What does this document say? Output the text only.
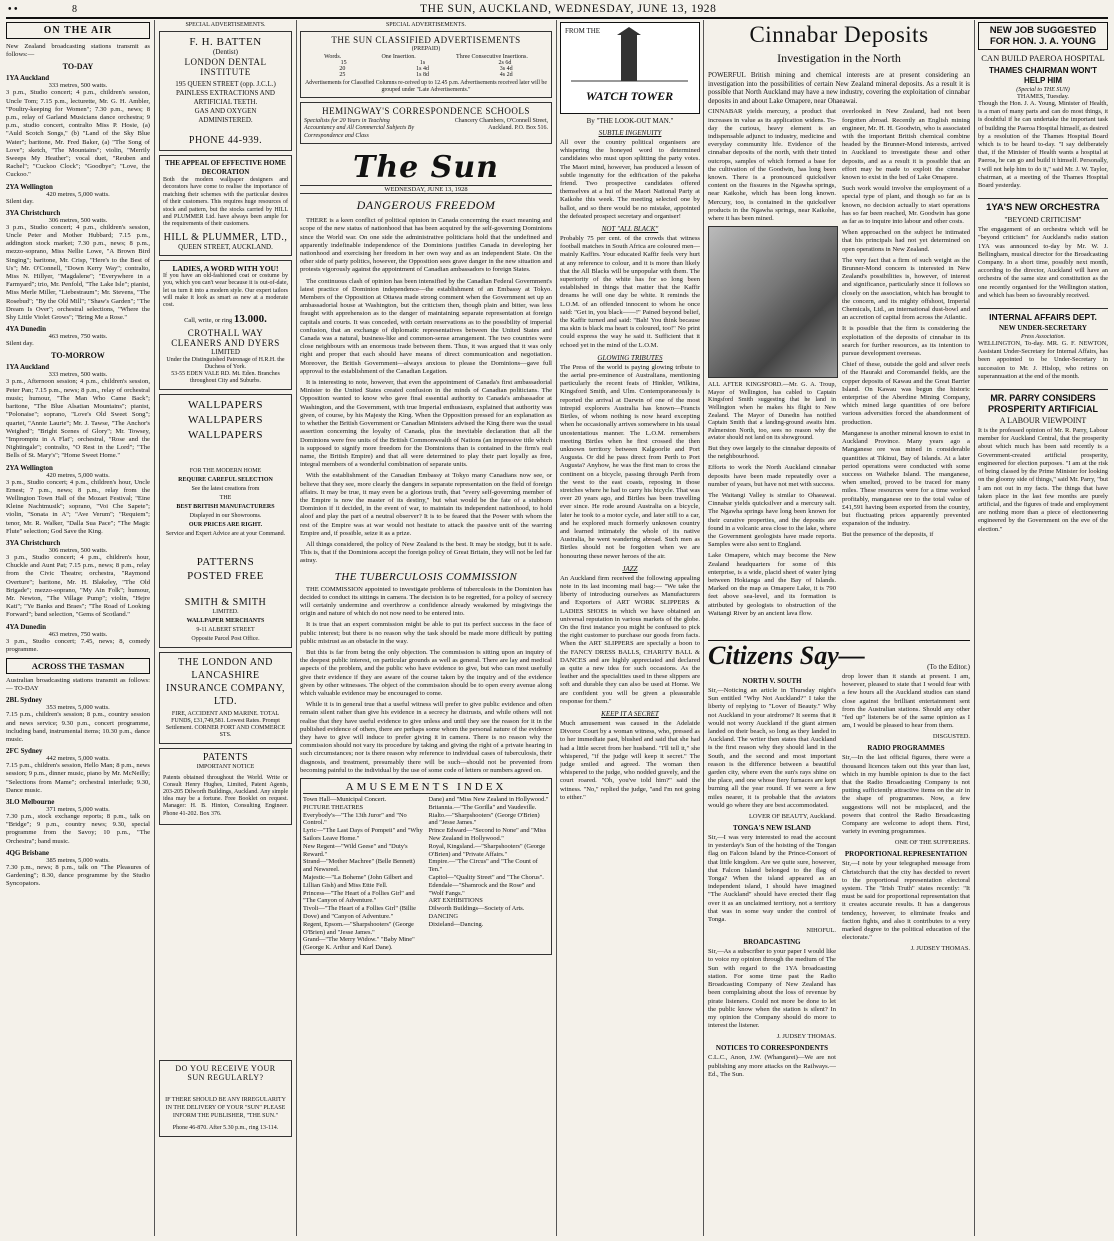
• •	8	THE SUN, AUCKLAND, WEDNESDAY, JUNE 13, 1928
ON THE AIR

New Zealand broadcasting stations transmit as follows:—

TO-DAY
1YA Auckland
333 metres, 500 watts.

3 p.m., Studio concert; 4 p.m., children's session, Uncle Tom; 7.15 p.m., lecturette, Mr. G. H. Ambler, "Poultry-keeping for Women"; 7.30 p.m., news; 8 p.m., relay of Garland Musicians dance orchestra; 9 p.m., studio concert, contralto Miss P. Hosie, (a) "Auld Scotch Songs," (b) "Land of the Sky Blue Water"; baritone, Mr. Fred Baker, (a) "The Song of Love"; sketch, "The Mountains"; violin, "Merrily Sweeps My Heather"; vocal duet, "Reuben and Rachel"; "Cuckoo Clock"; "Goodbye"; "Love, the Cuckoo."

2YA Wellington
420 metres, 5,000 watts.

Silent day.

3YA Christchurch
306 metres, 500 watts.

3 p.m., Studio concert; 4 p.m., children's session, Uncle Peter and Mother Hubbard; 7.15 p.m., addington stock market; 7.30 p.m., news; 8 p.m., mezzo-soprano, Miss Nellie Lowe, "A Brown Bird Singing"; baritone, Mr. Crisp, "Here's to the Best of Us"; Mr. O'Connell, "Down Kerry Way"; contralto, Miss N. Hillyer, "Magdalene"; "Everywhere in a Farmyard"; trio, Mr. Penfold, "The Lake Isle"; pianist, Miss Merle Miller, "Liebestraum"; Mr. Stevens, "The Rosebud"; "By the Old Mill"; "Shaw's Garden"; "The Dream Is Over"; orchestral selections, "Where the Shy Little Violet Grows"; "Bring Me a Rose."

4YA Dunedin
463 metres, 750 watts.

Silent day.

TO-MORROW
1YA Auckland
333 metres, 500 watts.

3 p.m., Afternoon session; 4 p.m., children's session, Peter Pan; 7.15 p.m., news; 8 p.m., relay of orchestral music; humour, "The Man Who Came Back"; baritone, "The Blue Alsatian Mountains"; pianist, "Polonaise"; soprano, "Love's Old Sweet Song"; quartet, "Annie Laurie"; Mr. J. Tawse, "The Anchor's Weighed"; "Bright Scenes of Glory"; Mr. Towsey, "Impromptu in A Flat"; orchestral, "Rose and the Nightingale"; contralto, "O Rest in the Lord"; "The Bells of St. Mary's"; "Home Sweet Home."

2YA Wellington
420 metres, 5,000 watts.

3 p.m., Studio concert; 4 p.m., children's hour, Uncle Ernest; 7 p.m., news; 8 p.m., relay from the Wellington Town Hall of the Mozart Festival; "Eine Kleine Nachtmusik"; soprano, "Voi Che Sapete"; violin, "Sonata in A"; "Ave Verum"; "Requiem"; tenor, Mr. R. Walker, "Dalla Sua Pace"; "The Magic Flute" selection; God Save the King.

3YA Christchurch
306 metres, 500 watts.

3 p.m., Studio concert; 4 p.m., children's hour, Chuckle and Aunt Pat; 7.15 p.m., news; 8 p.m., relay from the Civic Theatre; orchestra, "Raymond Overture"; baritone, Mr. H. Blakeley, "The Old Brigade"; mezzo-soprano, "My Ain Folk"; humour, Mr. Newton, "The Village Pump"; violin, "Hejre Kati"; "Ye Banks and Braes"; "The Road of Looking Forward"; band selection, "Gems of Scotland."

4YA Dunedin
463 metres, 750 watts.

3 p.m., Studio concert; 7.45, news; 8, comedy programme.

ACROSS THE TASMAN

Australian broadcasting stations transmit as follows:— TO-DAY

2BL Sydney
353 metres, 5,000 watts.

7.15 p.m., children's session; 8 p.m., country session and news service; 9.30 p.m., concert programme, including band, instrumental items; 10.30 p.m., dance music.

2FC Sydney
442 metres, 5,000 watts.

7.15 p.m., children's session, Hello Man; 8 p.m., news session; 9 p.m., dinner music, piano by Mr. McNeilly; "Selections from Mame"; orchestral interlude; 9.30, Dance music.

3LO Melbourne
371 metres, 5,000 watts.

7.30 p.m., stock exchange reports; 8 p.m., talk on "Bridge"; 9 p.m., country news; 9.30, special programme from the Savoy; 10 p.m., "The Orchestra"; band music.

4QG Brisbane
385 metres, 5,000 watts.

7.30 p.m., news; 8 p.m., talk on "The Pleasures of Gardening"; 8.30, dance programme by the Studio Syncopators.

SPECIAL ADVERTISEMENTS.
F. H. BATTEN
(Dentist)
LONDON DENTAL INSTITUTE
195 QUEEN STREET (opp. J.C.L.)
PAINLESS EXTRACTIONS AND
ARTIFICIAL TEETH.
GAS AND OXYGEN
ADMINISTERED.
PHONE 44-939.
THE APPEAL OF EFFECTIVE HOME DECORATION

Both the modern wallpaper designers and decorators have come to realise the importance of matching their schemes with the particular desires of their customers. This requires huge resources of stock and pattern, but the stocks carried by HILL and PLUMMER Ltd. have always been ample for the requirements of their customers.

HILL & PLUMMER, LTD.,
QUEEN STREET, AUCKLAND.
LADIES, A WORD WITH YOU!

If you have an old-fashioned coat or costume by you, which you can't wear because it is out-of-date, let us turn it into a modern style. Our expert tailors will make it look as smart as new at a moderate cost.

Call, write, or ring 13.000.
CROTHALL WAY CLEANERS AND DYERS
LIMITED
Under the Distinguished Patronage of H.R.H. the Duchess of York.
53-55 EDEN VALE RD. Mt. Eden. Branches throughout City and Suburbs.
WALLPAPERS
WALLPAPERS
WALLPAPERS
FOR THE MODERN HOME
REQUIRE CAREFUL SELECTION
See the latest creations from
THE
BEST BRITISH MANUFACTURERS
Displayed in our Showrooms.
OUR PRICES ARE RIGHT.
Service and Expert Advice are at your Command.
PATTERNS
POSTED FREE
SMITH & SMITH
LIMITED.
WALLPAPER MERCHANTS
9-11 ALBERT STREET
Opposite Parcel Post Office.
THE LONDON AND LANCASHIRE INSURANCE COMPANY, LTD.
FIRE, ACCIDENT AND MARINE. TOTAL FUNDS, £31,749,581. Lowest Rates. Prompt Settlement. CORNER FORT AND COMMERCE STS.
PATENTS
IMPORTANT NOTICE

Patents obtained throughout the World. Write or Consult Henry Hughes, Limited, Patent Agents, 203-205 Dilworth Buildings, Auckland. Any simple idea may be a fortune. Free Booklet on request. Manager: H. B. Hinton, Consulting Engineer. Phone 41-202. Box 376.

SPECIAL ADVERTISEMENTS.
THE SUN CLASSIFIED ADVERTISEMENTS
(PREPAID)
Words.	One Insertion.	Three Consecutive Insertions.
15	1s	2s 6d
20	1s 4d	3s 4d
25	1s 8d	4s 2d
Advertisements for Classified Columns re-ceived up to 12.45 p.m. Advertisements received later will be grouped under "Late Advertisements."
HEMINGWAY'S CORRESPONDENCE SCHOOLS
Specialists for 20 Years in Teaching Accountancy and All Commercial Subjects By Correspondence and Class
Chancery Chambers, O'Connell Street, Auckland. P.O. Box 516.
The Sun
WEDNESDAY, JUNE 13, 1928
DANGEROUS FREEDOM

THERE is a keen conflict of political opinion in Canada concerning the exact meaning and scope of the new status of nationhood that has been acquired by the self-governing Dominions since the World war. On one side the administrative politicians hold that the undefined and apparently indefinable independence of the Dominions justifies Canada in developing her nationhood and exercising her freedom in her own way and as an independent State. On the other side of party politics, however, the Opposition sees grave danger in the new situation and protests vigorously against the appointment of Canadian ambassadors to foreign States.

The continuous clash of opinion has been intensified by the Canadian Federal Government's latest practice of Dominion independence—the establishment of an Embassy at Tokyo. Members of the Opposition at Ottawa made strong comment when the Government set up an ambassadorial house at Washington, but the criticism then, though plain and bitter, was less fraught with apprehension as to the danger of maintaining separate representation at foreign capitals and courts. It was conceded, with certain reservations as to the possibility of imperial confusion, that an exchange of diplomatic representatives between the United States and Canada was a natural, business-like and common-sense arrangement. The two countries were close neighbours with an enormous trade between them. Thus, it was argued that it was only right and proper that each should have means of direct communication and negotiation. Moreover, the British Government—always anxious to please the Dominions—gave full approval to the establishment of the Canadian Legation.

It is interesting to note, however, that even the appointment of Canada's first ambassadorial Minister to the United States created confusion in the minds of Canadian politicians. The Opposition wanted to know who gave final essential authority to Canada's ambassador at Washington, and the Government, with true Imperial enthusiasm, explained that authority was given, of course, by his Majesty the King. When the Opposition pressed for an explanation as to whether the British Government or Canadian Ministers advised the King there was the usual assertion concerning the loyalty of Canada, plus the inevitable declaration that all the Dominions were free units of the British Commonwealth of Nations (an impressive title which is supposed to signify more freedom for the Dominions than is contained in the firm's real name, the British Empire) and that all were determined to play their part loyally as free, integral members of a wonderful combination of separate units.

With the establishment of the Canadian Embassy at Tokyo many Canadians now see, or believe that they see, more clearly the dangers in separate representation on the field of foreign affairs. It may be true, it may even be a glorious truth, that "every self-governing member of the Empire is now the master of its destiny," but what would be the fate of a stubborn Dominion if it decided, in the event of war, to maintain its independent nationhood, to hold aloof and play the part of a neutral observer? It is to be feared that the Power with whom the rest of the Empire was at war would not hesitate to attack the passive unit of the warring Empire and, if possible, seize it as a prize.

All things considered, the policy of New Zealand is the best. It may be stodgy, but it is safe. This is, that if the Dominions accept the foreign policy of Great Britain, they will not be led far astray.

THE TUBERCULOSIS COMMISSION

THE COMMISSION appointed to investigate problems of tuberculosis in the Dominion has decided to conduct its sittings in camera. The decision is to be regretted, for a policy of secrecy will certainly undermine and overthrow a confidence already weakened by misgivings the origin and nature of which do not now need to be entered into.

It is true that an expert commission might be able to put its perfect success in the face of public interest; but there is no reason why the task should be made more difficult by putting public mistrust as an obstacle in the way.

But this is far from being the only objection. The commission is sitting upon an inquiry of the deepest public interest, on particular grounds as well as general. There are lay and medical aspects of the problem, and the public who have evidence to give, but who can most usefully give their evidence if they are aware of the course taken by the inquiry and of the evidence given by other witnesses. The object of the commission should be to open every avenue along which valuable evidence may be encouraged to come.

While it is in general true that a useful witness will prefer to give public evidence and often remain silent rather than give his evidence in a secrecy he distrusts, and while others will not realise that they have useful evidence to give unless and until they see the reason for it in the published evidence of others, there are perhaps some whom the personal nature of the evidence they have to give will induce to prefer giving it in camera. There is no reason why the commission should not vary its procedure by taking and giving the right of a private hearing in such circumstances; nor is there reason why reference to individual cases of tuberculosis, their diagnosis, and treatment, presumably there will be such—should not be prevented from becoming painful to the individual by the use of some code of letters or numbers agreed on.

AMUSEMENTS INDEX

Town Hall—Municipal Concert.

PICTURE THEATRES

Everybody's—"The 13th Juror" and "No Control."

Lyric—"The Last Days of Pompeii" and "Why Sailors Leave Home."

New Regent—"Wild Geese" and "Duty's Reward."

Strand—"Mother Machree" (Belle Bennett) and Newsreel.

Majestic—"La Boheme" (John Gilbert and Lillian Gish) and Miss Ettie Fell.

Princess—"The Heart of a Follies Girl" and "The Canyon of Adventure."

Tivoli—"The Heart of a Follies Girl" (Billie Dove) and "Canyon of Adventure."

Regent, Epsom.—"Sharpshooters" (George O'Brien) and "Jesse James."

Grand—"The Merry Widow." "Baby Mine" (George K. Arthur and Karl Dane).

Dane) and "Miss New Zealand in Hollywood."

Britannia.—"The Gorilla" and Vaudeville.

Rialto.—"Sharpshooters" (George O'Brien) and "Jesse James."

Prince Edward—"Second to None" and "Miss New Zealand in Hollywood."

Royal, Kingsland.—"Sharpshooters" (George O'Brien) and "Private Affairs."

Empire.—"The Circus" and "The Count of Ten."

Capitol—"Quality Street" and "The Chorus".

Edendale—"Shamrock and the Rose" and "Wolf Fangs."

ART EXHIBITIONS

Dilworth Buildings—Society of Arts.

DANCING

Dixieland—Dancing.

DO YOU RECEIVE YOUR
SUN REGULARLY?
IF THERE SHOULD BE ANY IRREGULARITY IN THE DELIVERY OF YOUR "SUN" PLEASE INFORM THE PUBLISHER, "THE SUN."
Phone 46-870. After 5.30 p.m., ring 13-114.
FROM THE
WATCH TOWER
By "THE LOOK-OUT MAN."
SUBTLE INGENUITY

All over the country political organisers are whispering the honeyed word to determined candidates who must upon splitting the party votes. The Maori mind, however, has produced a lesson of subtle ingenuity for the edification of the pakeha friend. Two prospective candidates offered themselves at a hui of the Maori National Party at Kaikohe this week. The meeting selected one by ballot, and so there would be no mistake, appointed the defeated prospect secretary and organiser!

NOT "ALL BLACK"

Probably 75 per cent. of the crowds that witness football matches in South Africa are coloured men—mainly Kaffirs. Your educated Kaffir feels very hurt at any reference to colour, and it is more than likely that the All Blacks will be unpopular with them. The superiority of the white has for so long been established in things that matter that the Kaffir dreams he will one day be white. It reminds the L.O.M. of an offended innocent to whom he once said: "Get in, you black——!" Pained beyond belief, the Kaffir turned and said: "Bah! You think because ma skin is black ma heart is coloured, too!" No print could express the way he said it. Sufficient that it echoed yet in the mind of the L.O.M.

GLOWING TRIBUTES

The Press of the world is paying glowing tribute to the aerial pre-eminence of Australians, mentioning particularly the recent feats of Hinkler, Wilkins, Kingsford Smith, and Ulm. Contemporaneously is reported the arrival at Darwin of one of the most intrepid explorers Australia has known—Francis Birtles, of whom nothing is now heard excepting when he occasionally arrives somewhere in his usual unostentatious manner. The L.O.M. remembers meeting Birtles when he first crossed the then unknown territory between Kalgoorlie and Port Augusta. Or did he pass direct from Perth to Port Augusta? Anyhow, he was the first man to cross the continent on a bicycle, passing through Perth from the west to the east coasts, reposing in those stretches where he had to carry his bicycle. That was over 20 years ago, and Birtles has been travelling ever since. He rode around Australia on a bicycle, later he took to a motor cycle, and later still to a car, and he explored much formerly unknown country and learned intimately the whole of its native Australia, he went wandering abroad. Such men as Birtles should not be forgotten when we are honouring these newer heroes of the air.

JAZZ

An Auckland firm received the following appealing note in its last incoming mail bag:— "We take the liberty of introducing ourselves as Manufacturers and Exporters of ART WORK SLIPPERS & LADIES SHOES in which we have obtained an universal reputation in various markets of the globe. On the first instance you might be confused to pick the right customer to purchase our goods from facts. When the ART SLIPPERS are specially a boon to the FANCY DRESS BALLS, CHARITY BALL & DANCES and are highly appreciated and declared as quite a new idea for such occasions. As the leather and the specialities used in these slippers are soft and durable they can also be used at Home. We are confident you will be given a pleasurable response for them."

KEEP IT A SECRET

Much amusement was caused in the Adelaide Divorce Court by a woman witness, who, pressed as to her immediate past, blushed and said that she had had a little secret from her husband. "I'll tell it," she whispered, "if the judge will keep it secret." The judge smiled and agreed. The woman then whispered to the judge, who nodded gravely, and the court roared. "Oh, you've told him?" said the witness. "No," replied the judge, "and I'm not going to either."

Cinnabar Deposits
Investigation in the North

POWERFUL British mining and chemical interests are at present considering an investigation into the possibilities of certain New Zealand mineral deposits. As a result it is possible that North Auckland may have a new industry, covering the exploitation of cinnabar deposits in and about Lake Omapere, near Ohaeawai.

CINNABAR yields mercury, a product that increases in value as its application widens. To-day the curious, heavy element is an indispensable adjunct to industry, medicine and everyday community life. Evidence of the cinnabar deposits of the north, with their tinted outcrops, samples of which formed a base for the cultivation of the Goodwin, has long been known. There is a pronounced quicksilver content on the fissures in the Ngawha springs, near Kaikohe, which has been long known. Mercury, too, is contained in the quicksilver products in the Ngawha springs, near Kaikohe, where it has been mined.

ALL AFTER KINGSFORD.—Mr. G. A. Troup, Mayor of Wellington, has cabled to Captain Kingsford Smith suggesting that he land in Wellington when he makes his flight to New Zealand. The Mayor of Dunedin has notified Captain Smith that a landing-ground awaits him. Palmerston North, too, sees no reason why the aviator should not land on its showground.

But they owe largely to the cinnabar deposits of the neighbourhood.

Efforts to work the North Auckland cinnabar deposits have been made repeatedly over a number of years, but have not met with success.

The Waitangi Valley is similar to Ohaeawai. Cinnabar yields quicksilver and a mercury salt. The Ngawha springs have long been known for their curative properties, and the deposits are found in a volcanic area close to the lake, where the Government geologists have made reports. Samples were also sent to England.

Lake Omapere, which may become the New Zealand headquarters for some of this enterprise, is a wide, placid sheet of water lying between Hokianga and the Bay of Islands. Marked on the map as Omapere Lake, it is 790 feet above sea-level, and its formation is attributed by geologists to obstruction of the Waitangi River by an ancient lava flow.

overlooked in New Zealand, had not been forgotten abroad. Recently an English mining engineer, Mr. H. H. Goodwin, who is associated with the important British chemical combine headed by the Brunner-Mond interests, arrived in Auckland to investigate these and other deposits, and as a result it is possible that an effort may be made to exploit the cinnabar known to exist in the bed of Lake Omapere.

Such work would involve the employment of a special type of plant, and though so far as is known, no decision actually to start operations has so far been reached, Mr. Goodwin has gone as far as to inquire into labour and other costs.

When approached on the subject he intimated that his principals had not yet determined on open operations in New Zealand.

The very fact that a firm of such weight as the Brunner-Mond concern is interested in New Zealand's possibilities is, however, of interest and significance, particularly since it follows so closely on the association, which has brought to the concern, and its mighty offshoot, Imperial Chemicals, Ltd., an international dust-bowl and an accretion of capital from across the Atlantic.

It is possible that the firm is considering the exploitation of the deposits of cinnabar in its search for further resources, as its intention to pursue development overseas.

Chief of these, outside the gold and silver reefs of the Hauraki and Coromandel fields, are the copper deposits of Kawau and the Great Barrier Island. On Kawau was begun the historic enterprise of the Aberdine Mining Company, which mined large quantities of ore before various adversities forced the abandonment of production.

Manganese is another mineral known to exist in Auckland Province. Many years ago a Manganese ore was mined in considerable quantities at Tikinui, Bay of Islands. At a later period operations were conducted with some success on Waiheke Island. The manganese, when smelted, proved to be traced for many miles. These resources were for a time worked profitably, manganese ore to the total value of £41,591 having been exported from the country, but fluctuating prices apparently prevented expansion of the industry.

But the presence of the deposits, if

Citizens Say—	(To the Editor.)
NORTH V. SOUTH

Sir,—Noticing an article in Thursday night's Sun entitled "Why Not Auckland?" I take the liberty of replying to "Lover of Beauty." Why not Auckland in your airdrome? It seems that it would not worry Auckland if the giant airmen landed on their beach, so long as they landed in Auckland. The writer then states that Auckland is the first reason why they should land in the South, and the second and most important reason is the difference between a beautiful garden city, where even the sun's rays shine on the place, and one whose fiery furnaces are kept burning all the year round. If we were a few miles nearer, it is probable that the aviators would go where they are best accommodated.

LOVER OF BEAUTY, Auckland.
TONGA'S NEW ISLAND

Sir,—I was very interested to read the account in yesterday's Sun of the hoisting of the Tongan flag on Falcon Island by the Prince-Consort of that little kingdom. Are we quite sure, however, that Falcon Island belonged to the flag of Tonga? When the island appeared as an independent island, I should have imagined "The Auckland" should have erected their flag over it as an unclaimed territory, not a territory that was in some way under the control of Tonga.

NIHOFUL.
BROADCASTING

Sir,—As a subscriber to your paper I would like to voice my opinion through the medium of The Sun with regard to the 1YA broadcasting station. For some time past the Radio Broadcasting Company of New Zealand has been complaining about the loss of revenue by pirate listeners. Could not more be done to let the public know when the station is silent? In my opinion the Company should do more to interest the listener.

J. JUDSEY THOMAS.
NOTICES TO CORRESPONDENTS

C.L.C., Anon, J.W. (Whangarei)—We are not publishing any more attacks on the Railways.—Ed., The Sun.

drop lower than it stands at present. I am, however, pleased to state that I would fear with a few hours all the Auckland studios can stand close against the brilliant entertainment sent from the Australian stations. Should any other "fed up" listeners be of the same opinion as I am, I would be pleased to hear from them.

DISGUSTED.
RADIO PROGRAMMES

Sir,—In the last official figures, there were a thousand licences taken out this year than last, which in my humble opinion is due to the fact that the Radio Broadcasting Company is not putting sufficiently attractive items on the air in the shape of programmes. Now, a few suggestions will not be misplaced, and the powers that control the Radio Broadcasting Company are welcome to adopt them. First, variety in evening programmes.

ONE OF THE SUFFERERS.
PROPORTIONAL REPRESENTATION

Sir,—I note by your telegraphed message from Christchurch that the city has decided to revert to the proportional representation electoral system. The "Irish Truth" states recently: "It must be said for proportional representation that it creates accurate results. It has a dangerous tendency, however, to eliminate freaks and faction fights, and also it contributes to a very marked degree to the political education of the electorate."

J. JUDSEY THOMAS.
NEW JOB SUGGESTED FOR HON. J. A. YOUNG
CAN BUILD PAEROA HOSPITAL
THAMES CHAIRMAN WON'T HELP HIM
(Special to THE SUN)
THAMES, Tuesday.

Though the Hon. J. A. Young, Minister of Health, is a man of many parts and can do most things, it is doubtful if he can undertake the important task of building the Paeroa Hospital himself, as desired by a resolution of the Thames Hospital Board which is to be heard to-day. "I say deliberately that, if the Minister of Health wants a hospital at Paeroa, he can go and build it himself. Personally, I will not help him to do it," said Mr. J. W. Taylor, chairman, at a meeting of the Thames Hospital Board yesterday.

1YA'S NEW ORCHESTRA
"BEYOND CRITICISM"

The engagement of an orchestra which will be "beyond criticism" for Auckland's radio station 1YA was announced to-day by Mr. W. J. Bellingham, musical director for the Broadcasting Company. In a short time, possibly next month, according to the director, Auckland will have an orchestra of the same size and constitution as the one recently organised for the Wellington station, and which has been so favourably received.

INTERNAL AFFAIRS DEPT.
NEW UNDER-SECRETARY
Press Association.

WELLINGTON, To-day. MR. G. F. NEWTON, Assistant Under-Secretary for Internal Affairs, has been appointed to be Under-Secretary in succession to Mr. J. Hislop, who retires on superannuation at the end of the month.

MR. PARRY CONSIDERS PROSPERITY ARTIFICIAL
A LABOUR VIEWPOINT

It is the professed opinion of Mr. R. Parry, Labour member for Auckland Central, that the prosperity about which much has been said recently is a Government-created artificial prosperity, engineered for election purposes. "I am at the risk of being classed by the Prime Minister for looking on the gloomy side of things," said Mr. Parry, "but I am not out in my facts. The things that have taken place in the last few months are purely artificial, and the figures of trade and employment are nothing more than a piece of electioneering engineered by the Government on the eve of the election."
